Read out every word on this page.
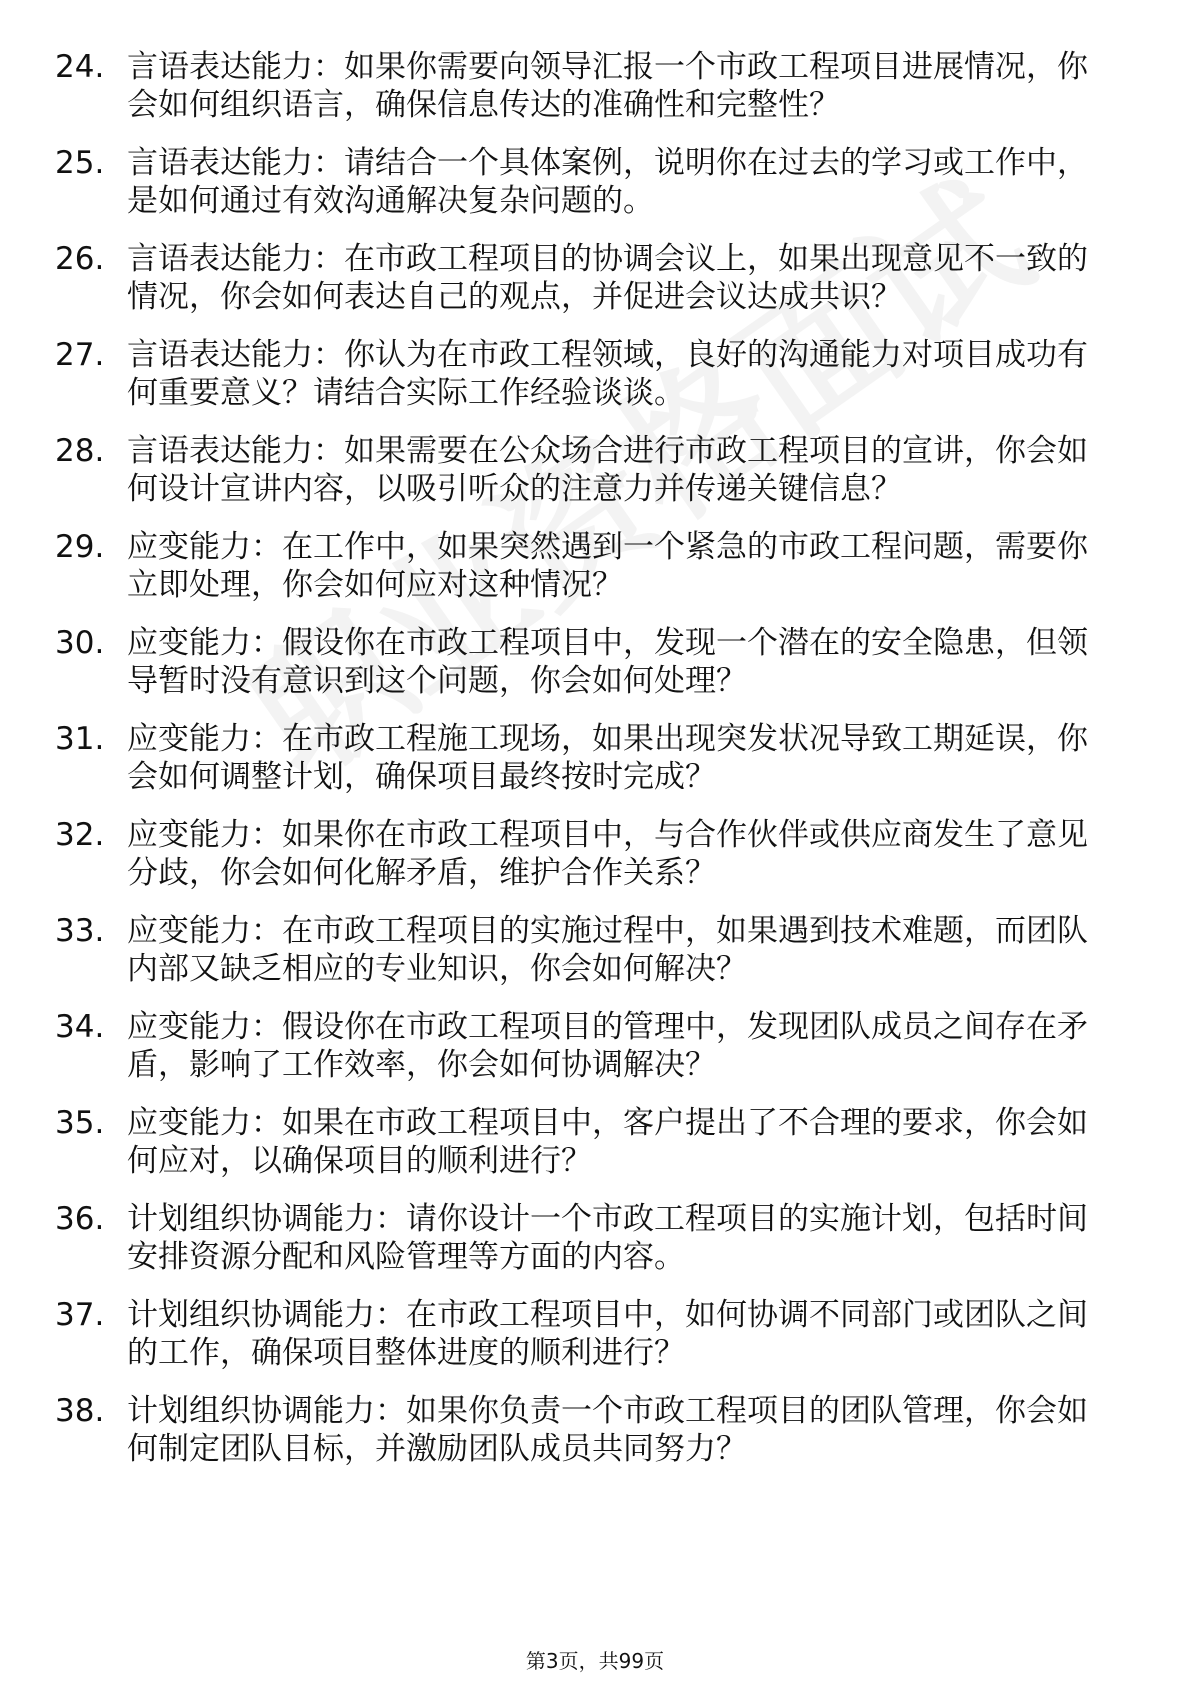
24. 言语表达能力：如果你需要向领导汇报一个市政工程项目进展情况，你会如何组织语言，确保信息传达的准确性和完整性？
25. 言语表达能力：请结合一个具体案例，说明你在过去的学习或工作中，是如何通过有效沟通解决复杂问题的。
26. 言语表达能力：在市政工程项目的协调会议上，如果出现意见不一致的情况，你会如何表达自己的观点，并促进会议达成共识？
27. 言语表达能力：你认为在市政工程领域，良好的沟通能力对项目成功有何重要意义？请结合实际工作经验谈谈。
28. 言语表达能力：如果需要在公众场合进行市政工程项目的宣讲，你会如何设计宣讲内容，以吸引听众的注意力并传递关键信息？
29. 应变能力：在工作中，如果突然遇到一个紧急的市政工程问题，需要你立即处理，你会如何应对这种情况？
30. 应变能力：假设你在市政工程项目中，发现一个潜在的安全隐患，但领导暂时没有意识到这个问题，你会如何处理？
31. 应变能力：在市政工程施工现场，如果出现突发状况导致工期延误，你会如何调整计划，确保项目最终按时完成？
32. 应变能力：如果你在市政工程项目中，与合作伙伴或供应商发生了意见分歧，你会如何化解矛盾，维护合作关系？
33. 应变能力：在市政工程项目的实施过程中，如果遇到技术难题，而团队内部又缺乏相应的专业知识，你会如何解决？
34. 应变能力：假设你在市政工程项目的管理中，发现团队成员之间存在矛盾，影响了工作效率，你会如何协调解决？
35. 应变能力：如果在市政工程项目中，客户提出了不合理的要求，你会如何应对，以确保项目的顺利进行？
36. 计划组织协调能力：请你设计一个市政工程项目的实施计划，包括时间安排资源分配和风险管理等方面的内容。
37. 计划组织协调能力：在市政工程项目中，如何协调不同部门或团队之间的工作，确保项目整体进度的顺利进行？
38. 计划组织协调能力：如果你负责一个市政工程项目的团队管理，你会如何制定团队目标，并激励团队成员共同努力？
第3页，共99页
